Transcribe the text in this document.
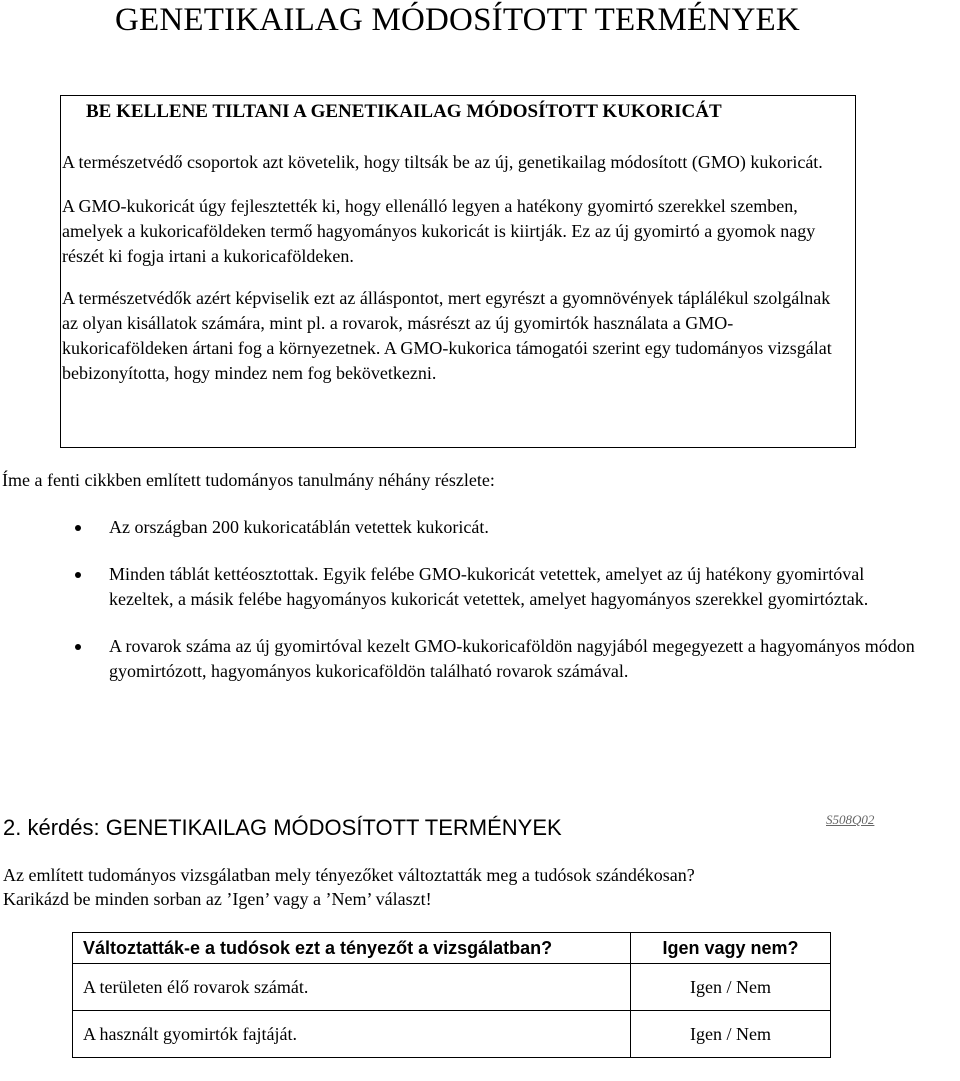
GENETIKAILAG MÓDOSÍTOTT TERMÉNYEK
BE KELLENE TILTANI A GENETIKAILAG MÓDOSÍTOTT KUKORICÁT

A természetvédő csoportok azt követelik, hogy tiltsák be az új, genetikailag módosított (GMO) kukoricát.

A GMO-kukoricát úgy fejlesztették ki, hogy ellenálló legyen a hatékony gyomirtó szerekkel szemben, amelyek a kukoricaföldeken termő hagyományos kukoricát is kiirtják. Ez az új gyomirtó a gyomok nagy részét ki fogja irtani a kukoricaföldeken.

A természetvédők azért képviselik ezt az álláspontot, mert egyrészt a gyomnövények táplálékul szolgálnak az olyan kisállatok számára, mint pl. a rovarok, másrészt az új gyomirtók használata a GMO-kukoricaföldeken ártani fog a környezetnek. A GMO-kukorica támogatói szerint egy tudományos vizsgálat bebizonyította, hogy mindez nem fog bekövetkezni.

Íme a fenti cikkben említett tudományos tanulmány néhány részlete:
Az országban 200 kukoricatáblán vetettek kukoricát.
Minden táblát kettéosztottak. Egyik felébe GMO-kukoricát vetettek, amelyet az új hatékony gyomirtóval kezeltek, a másik felébe hagyományos kukoricát vetettek, amelyet hagyományos szerekkel gyomirtóztak.
A rovarok száma az új gyomirtóval kezelt GMO-kukoricaföldön nagyjából megegyezett a hagyományos módon gyomirtózott, hagyományos kukoricaföldön található rovarok számával.
2. kérdés: GENETIKAILAG MÓDOSÍTOTT TERMÉNYEK	S508Q02
Az említett tudományos vizsgálatban mely tényezőket változtatták meg a tudósok szándékosan?
Karikázd be minden sorban az ’Igen’ vagy a ’Nem’ választ!
Változtatták-e a tudósok ezt a tényezőt a vizsgálatban?	Igen vagy nem?
A területen élő rovarok számát.	Igen / Nem
A használt gyomirtók fajtáját.	Igen / Nem
